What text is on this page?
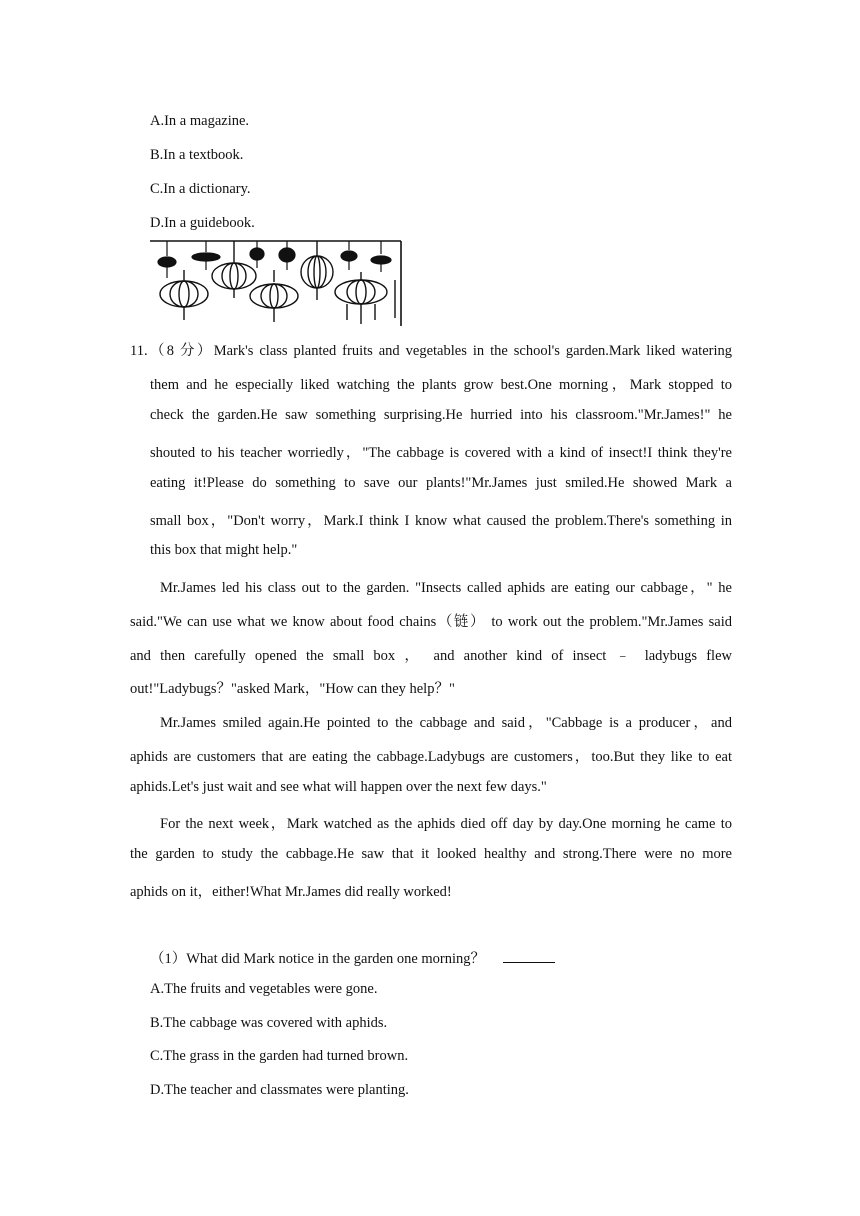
A.In a magazine.
B.In a textbook.
C.In a dictionary.
D.In a guidebook.
11.（8 分）Mark's class planted fruits and vegetables in the school's garden.Mark liked watering
them and he especially liked watching the plants grow best.One morning，Mark stopped to
check the garden.He saw something surprising.He hurried into his classroom."Mr.James!" he
shouted to his teacher worriedly，"The cabbage is covered with a kind of insect!I think they're
eating it!Please do something to save our plants!"Mr.James just smiled.He showed Mark a
small box，"Don't worry，Mark.I think I know what caused the problem.There's something in
this box that might help."
Mr.James led his class out to the garden. "Insects called aphids are eating our cabbage，" he
said."We can use what we know about food chains（链） to work out the problem."Mr.James said
and then carefully opened the small box ， and another kind of insect ﹣ ladybugs flew
out!"Ladybugs？"asked Mark，"How can they help？"
Mr.James smiled again.He pointed to the cabbage and said，"Cabbage is a producer，and
aphids are customers that are eating the cabbage.Ladybugs are customers，too.But they like to eat
aphids.Let's just wait and see what will happen over the next few days."
For the next week，Mark watched as the aphids died off day by day.One morning he came to
the garden to study the cabbage.He saw that it looked healthy and strong.There were no more
aphids on it，either!What Mr.James did really worked!
（1）What did Mark notice in the garden one morning？
A.The fruits and vegetables were gone.
B.The cabbage was covered with aphids.
C.The grass in the garden had turned brown.
D.The teacher and classmates were planting.
